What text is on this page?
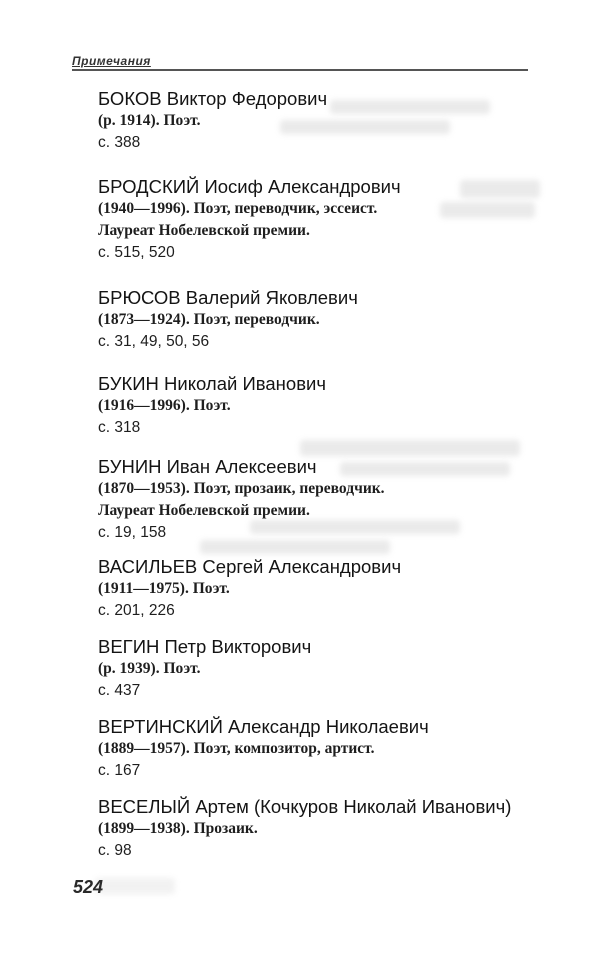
Примечания
БОКОВ Виктор Федорович
(р. 1914). Поэт.
с. 388
БРОДСКИЙ Иосиф Александрович
(1940—1996). Поэт, переводчик, эссеист.
Лауреат Нобелевской премии.
с. 515, 520
БРЮСОВ Валерий Яковлевич
(1873—1924). Поэт, переводчик.
с. 31, 49, 50, 56
БУКИН Николай Иванович
(1916—1996). Поэт.
с. 318
БУНИН Иван Алексеевич
(1870—1953). Поэт, прозаик, переводчик.
Лауреат Нобелевской премии.
с. 19, 158
ВАСИЛЬЕВ Сергей Александрович
(1911—1975). Поэт.
с. 201, 226
ВЕГИН Петр Викторович
(р. 1939). Поэт.
с. 437
ВЕРТИНСКИЙ Александр Николаевич
(1889—1957). Поэт, композитор, артист.
с. 167
ВЕСЕЛЫЙ Артем (Кочкуров Николай Иванович)
(1899—1938). Прозаик.
с. 98
524
